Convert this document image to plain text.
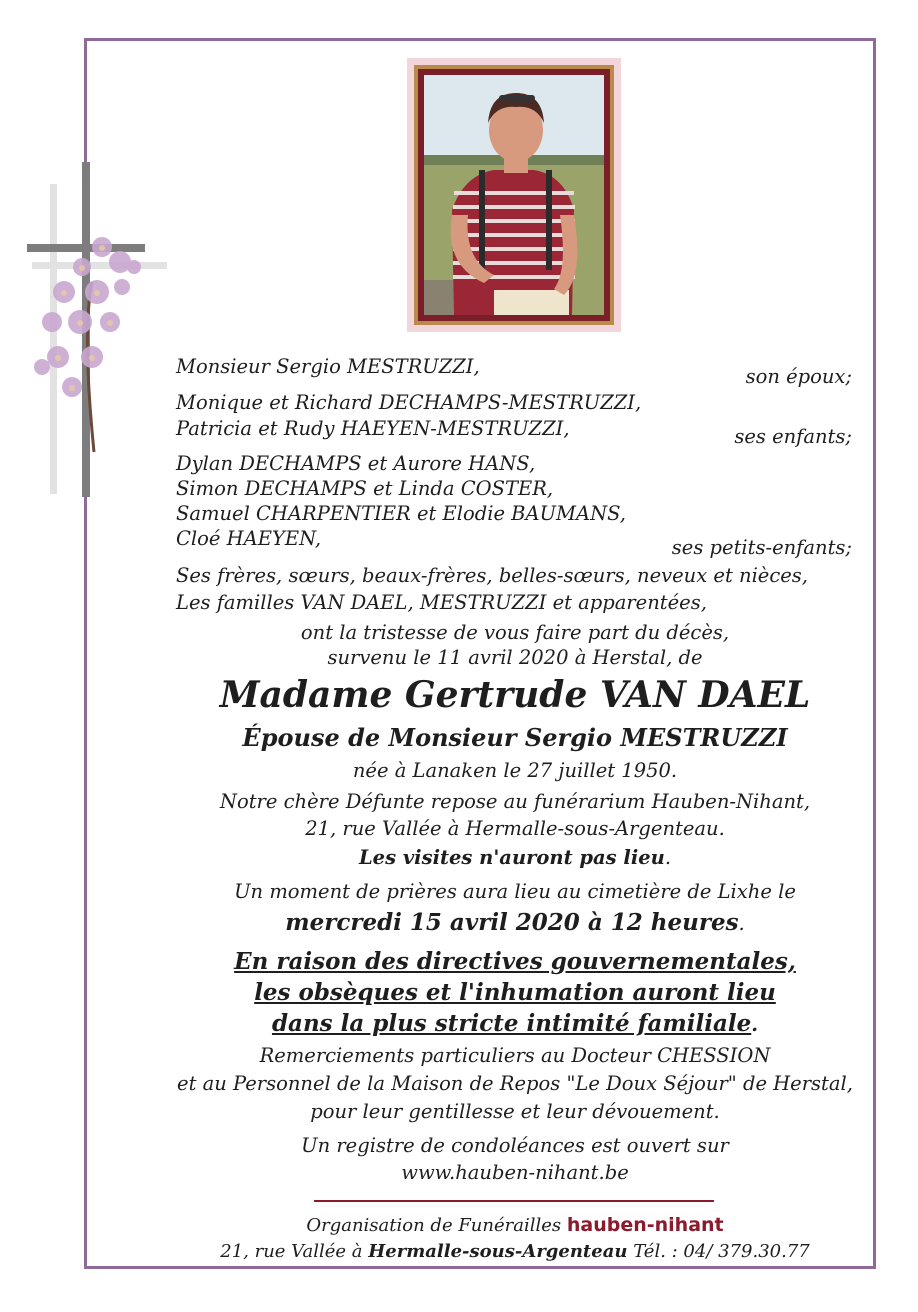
Monsieur Sergio MESTRUZZI,	son époux;
Monique et Richard DECHAMPS-MESTRUZZI,
Patricia et Rudy HAEYEN-MESTRUZZI,	ses enfants;
Dylan DECHAMPS et Aurore HANS,
Simon DECHAMPS et Linda COSTER,
Samuel CHARPENTIER et Elodie BAUMANS,
Cloé HAEYEN,	ses petits-enfants;
Ses frères, sœurs, beaux-frères, belles-sœurs, neveux et nièces,
Les familles VAN DAEL, MESTRUZZI et apparentées,
ont la tristesse de vous faire part du décès,
survenu le 11 avril 2020 à Herstal, de
Madame Gertrude VAN DAEL
Épouse de Monsieur Sergio MESTRUZZI
née à Lanaken le 27 juillet 1950.
Notre chère Défunte repose au funérarium Hauben-Nihant,
21, rue Vallée à Hermalle-sous-Argenteau.
Les visites n'auront pas lieu.
Un moment de prières aura lieu au cimetière de Lixhe le
mercredi 15 avril 2020 à 12 heures.
En raison des directives gouvernementales,
les obsèques et l'inhumation auront lieu
dans la plus stricte intimité familiale.
Remerciements particuliers au Docteur CHESSION
et au Personnel de la Maison de Repos "Le Doux Séjour" de Herstal,
pour leur gentillesse et leur dévouement.
Un registre de condoléances est ouvert sur
www.hauben-nihant.be
Organisation de Funérailles hauben-nihant
21, rue Vallée à Hermalle-sous-Argenteau Tél. : 04/ 379.30.77
